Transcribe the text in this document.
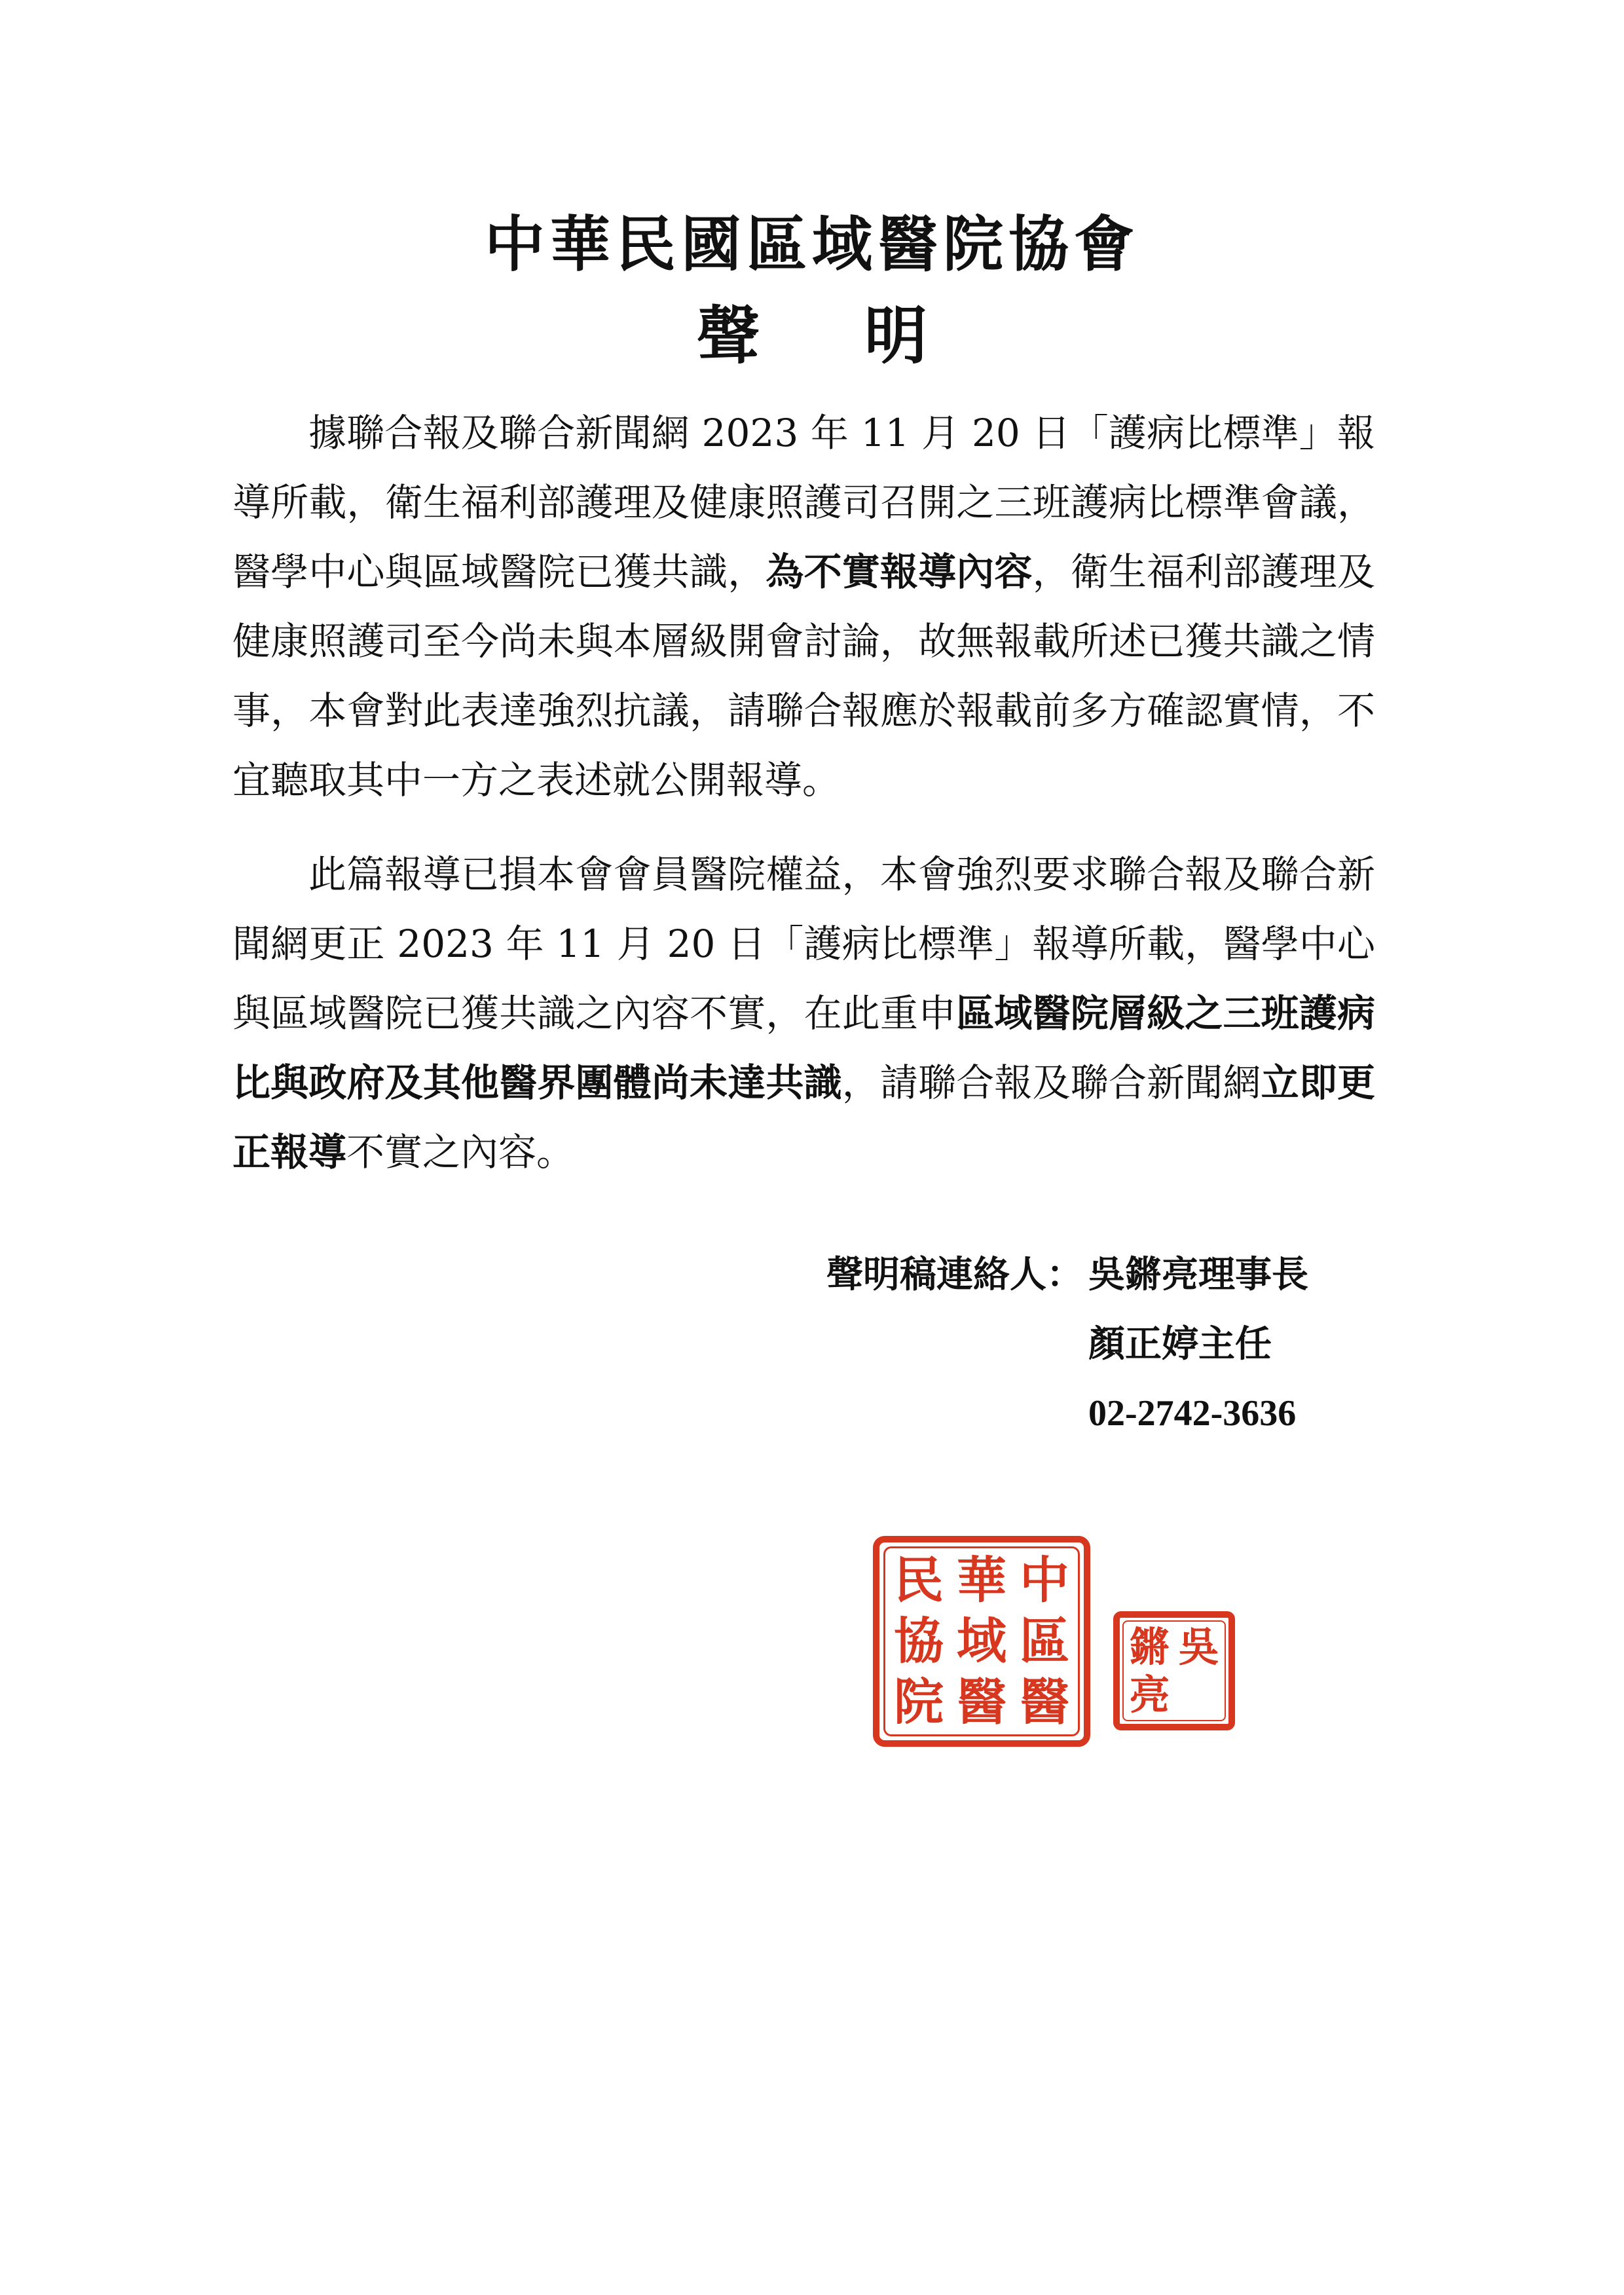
中華民國區域醫院協會
聲明

據聯合報及聯合新聞網 2023 年 11 月 20 日「護病比標準」報導所載，衛生福利部護理及健康照護司召開之三班護病比標準會議，醫學中心與區域醫院已獲共識，為不實報導內容，衛生福利部護理及健康照護司至今尚未與本層級開會討論，故無報載所述已獲共識之情事，本會對此表達強烈抗議，請聯合報應於報載前多方確認實情，不宜聽取其中一方之表述就公開報導。

此篇報導已損本會會員醫院權益，本會強烈要求聯合報及聯合新聞網更正 2023 年 11 月 20 日「護病比標準」報導所載，醫學中心與區域醫院已獲共識之內容不實，在此重申區域醫院層級之三班護病比與政府及其他醫界團體尚未達共識，請聯合報及聯合新聞網立即更正報導不實之內容。

聲明稿連絡人： 吳鏘亮理事長
顏正婷主任
02-2742-3636
民 華 中
協 域 區
院 醫 醫
鏘 吳
亮
